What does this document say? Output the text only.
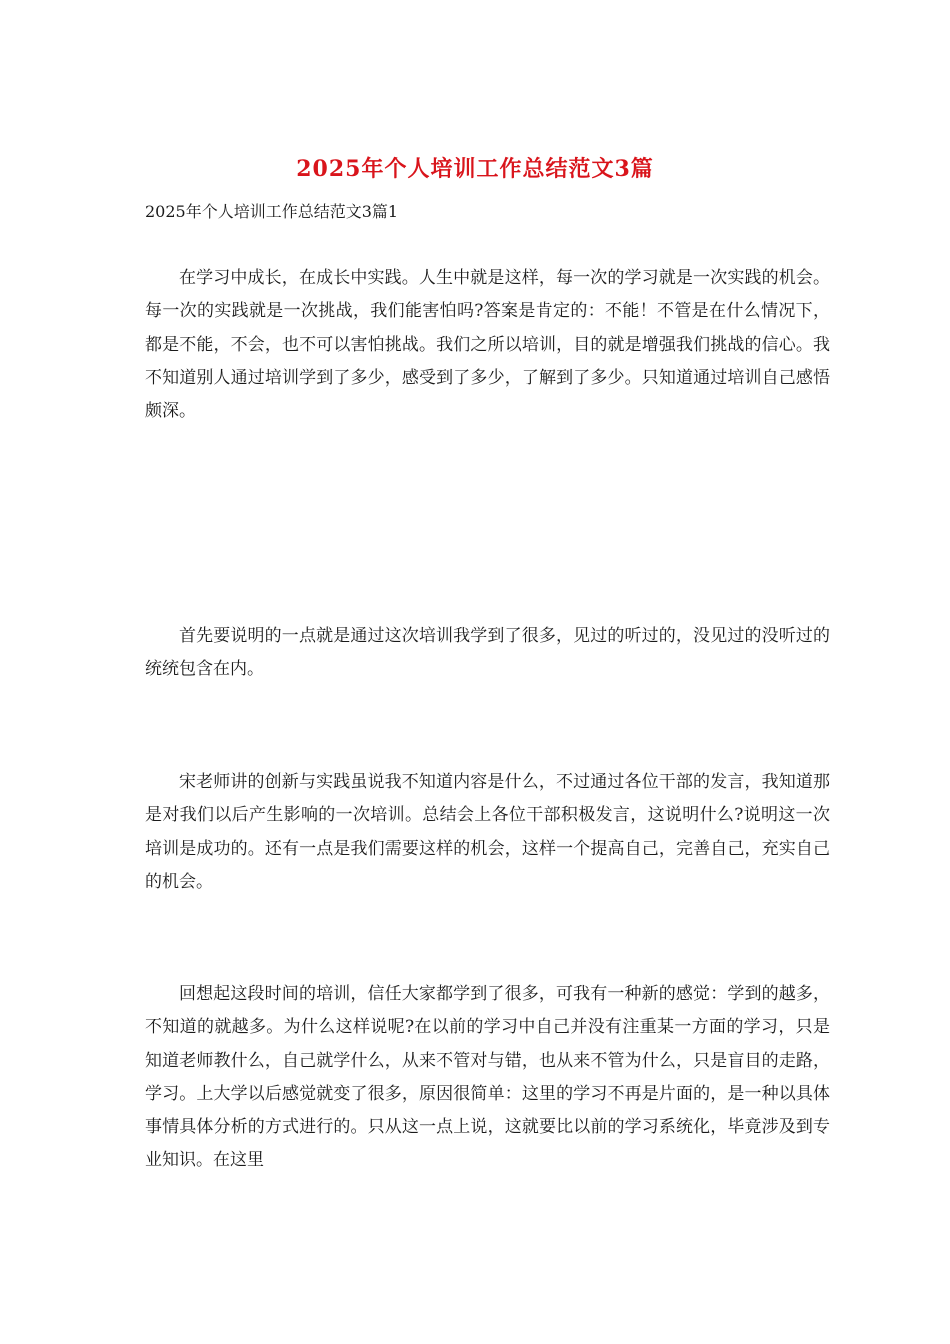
2025年个人培训工作总结范文3篇
2025年个人培训工作总结范文3篇1

在学习中成长，在成长中实践。人生中就是这样，每一次的学习就是一次实践的机会。每一次的实践就是一次挑战，我们能害怕吗?答案是肯定的：不能！不管是在什么情况下，都是不能，不会，也不可以害怕挑战。我们之所以培训，目的就是增强我们挑战的信心。我不知道别人通过培训学到了多少，感受到了多少，了解到了多少。只知道通过培训自己感悟颇深。

首先要说明的一点就是通过这次培训我学到了很多，见过的听过的，没见过的没听过的统统包含在内。

宋老师讲的创新与实践虽说我不知道内容是什么，不过通过各位干部的发言，我知道那是对我们以后产生影响的一次培训。总结会上各位干部积极发言，这说明什么?说明这一次培训是成功的。还有一点是我们需要这样的机会，这样一个提高自己，完善自己，充实自己的机会。

回想起这段时间的培训，信任大家都学到了很多，可我有一种新的感觉：学到的越多，不知道的就越多。为什么这样说呢?在以前的学习中自己并没有注重某一方面的学习，只是知道老师教什么，自己就学什么，从来不管对与错，也从来不管为什么，只是盲目的走路，学习。上大学以后感觉就变了很多，原因很简单：这里的学习不再是片面的，是一种以具体事情具体分析的方式进行的。只从这一点上说，这就要比以前的学习系统化，毕竟涉及到专业知识。在这里
